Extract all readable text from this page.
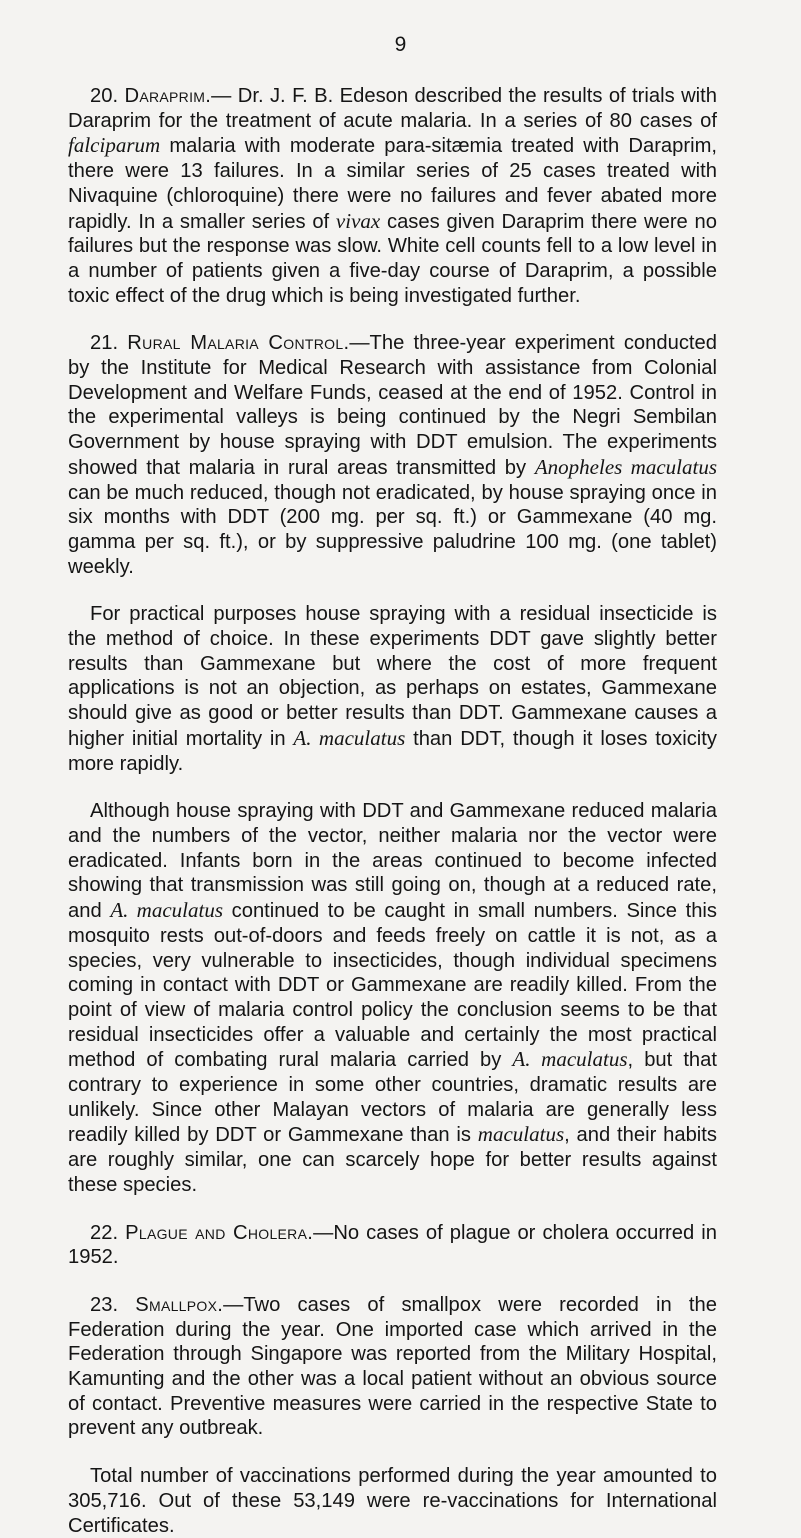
9

20. Daraprim.— Dr. J. F. B. Edeson described the results of trials with Daraprim for the treatment of acute malaria. In a series of 80 cases of falciparum malaria with moderate para-sitæmia treated with Daraprim, there were 13 failures. In a similar series of 25 cases treated with Nivaquine (chloroquine) there were no failures and fever abated more rapidly. In a smaller series of vivax cases given Daraprim there were no failures but the response was slow. White cell counts fell to a low level in a number of patients given a five-day course of Daraprim, a possible toxic effect of the drug which is being investigated further.

21. Rural Malaria Control.—The three-year experiment conducted by the Institute for Medical Research with assistance from Colonial Development and Welfare Funds, ceased at the end of 1952. Control in the experimental valleys is being continued by the Negri Sembilan Government by house spraying with DDT emulsion. The experiments showed that malaria in rural areas transmitted by Anopheles maculatus can be much reduced, though not eradicated, by house spraying once in six months with DDT (200 mg. per sq. ft.) or Gammexane (40 mg. gamma per sq. ft.), or by suppressive paludrine 100 mg. (one tablet) weekly.

For practical purposes house spraying with a residual insecticide is the method of choice. In these experiments DDT gave slightly better results than Gammexane but where the cost of more frequent applications is not an objection, as perhaps on estates, Gammexane should give as good or better results than DDT. Gammexane causes a higher initial mortality in A. maculatus than DDT, though it loses toxicity more rapidly.

Although house spraying with DDT and Gammexane reduced malaria and the numbers of the vector, neither malaria nor the vector were eradicated. Infants born in the areas continued to become infected showing that transmission was still going on, though at a reduced rate, and A. maculatus continued to be caught in small numbers. Since this mosquito rests out-of-doors and feeds freely on cattle it is not, as a species, very vulnerable to insecticides, though individual specimens coming in contact with DDT or Gammexane are readily killed. From the point of view of malaria control policy the conclusion seems to be that residual insecticides offer a valuable and certainly the most practical method of combating rural malaria carried by A. maculatus, but that contrary to experience in some other countries, dramatic results are unlikely. Since other Malayan vectors of malaria are generally less readily killed by DDT or Gammexane than is maculatus, and their habits are roughly similar, one can scarcely hope for better results against these species.

22. Plague and Cholera.—No cases of plague or cholera occurred in 1952.

23. Smallpox.—Two cases of smallpox were recorded in the Federation during the year. One imported case which arrived in the Federation through Singapore was reported from the Military Hospital, Kamunting and the other was a local patient without an obvious source of contact. Preventive measures were carried in the respective State to prevent any outbreak.

Total number of vaccinations performed during the year amounted to 305,716. Out of these 53,149 were re-vaccinations for International Certificates.
